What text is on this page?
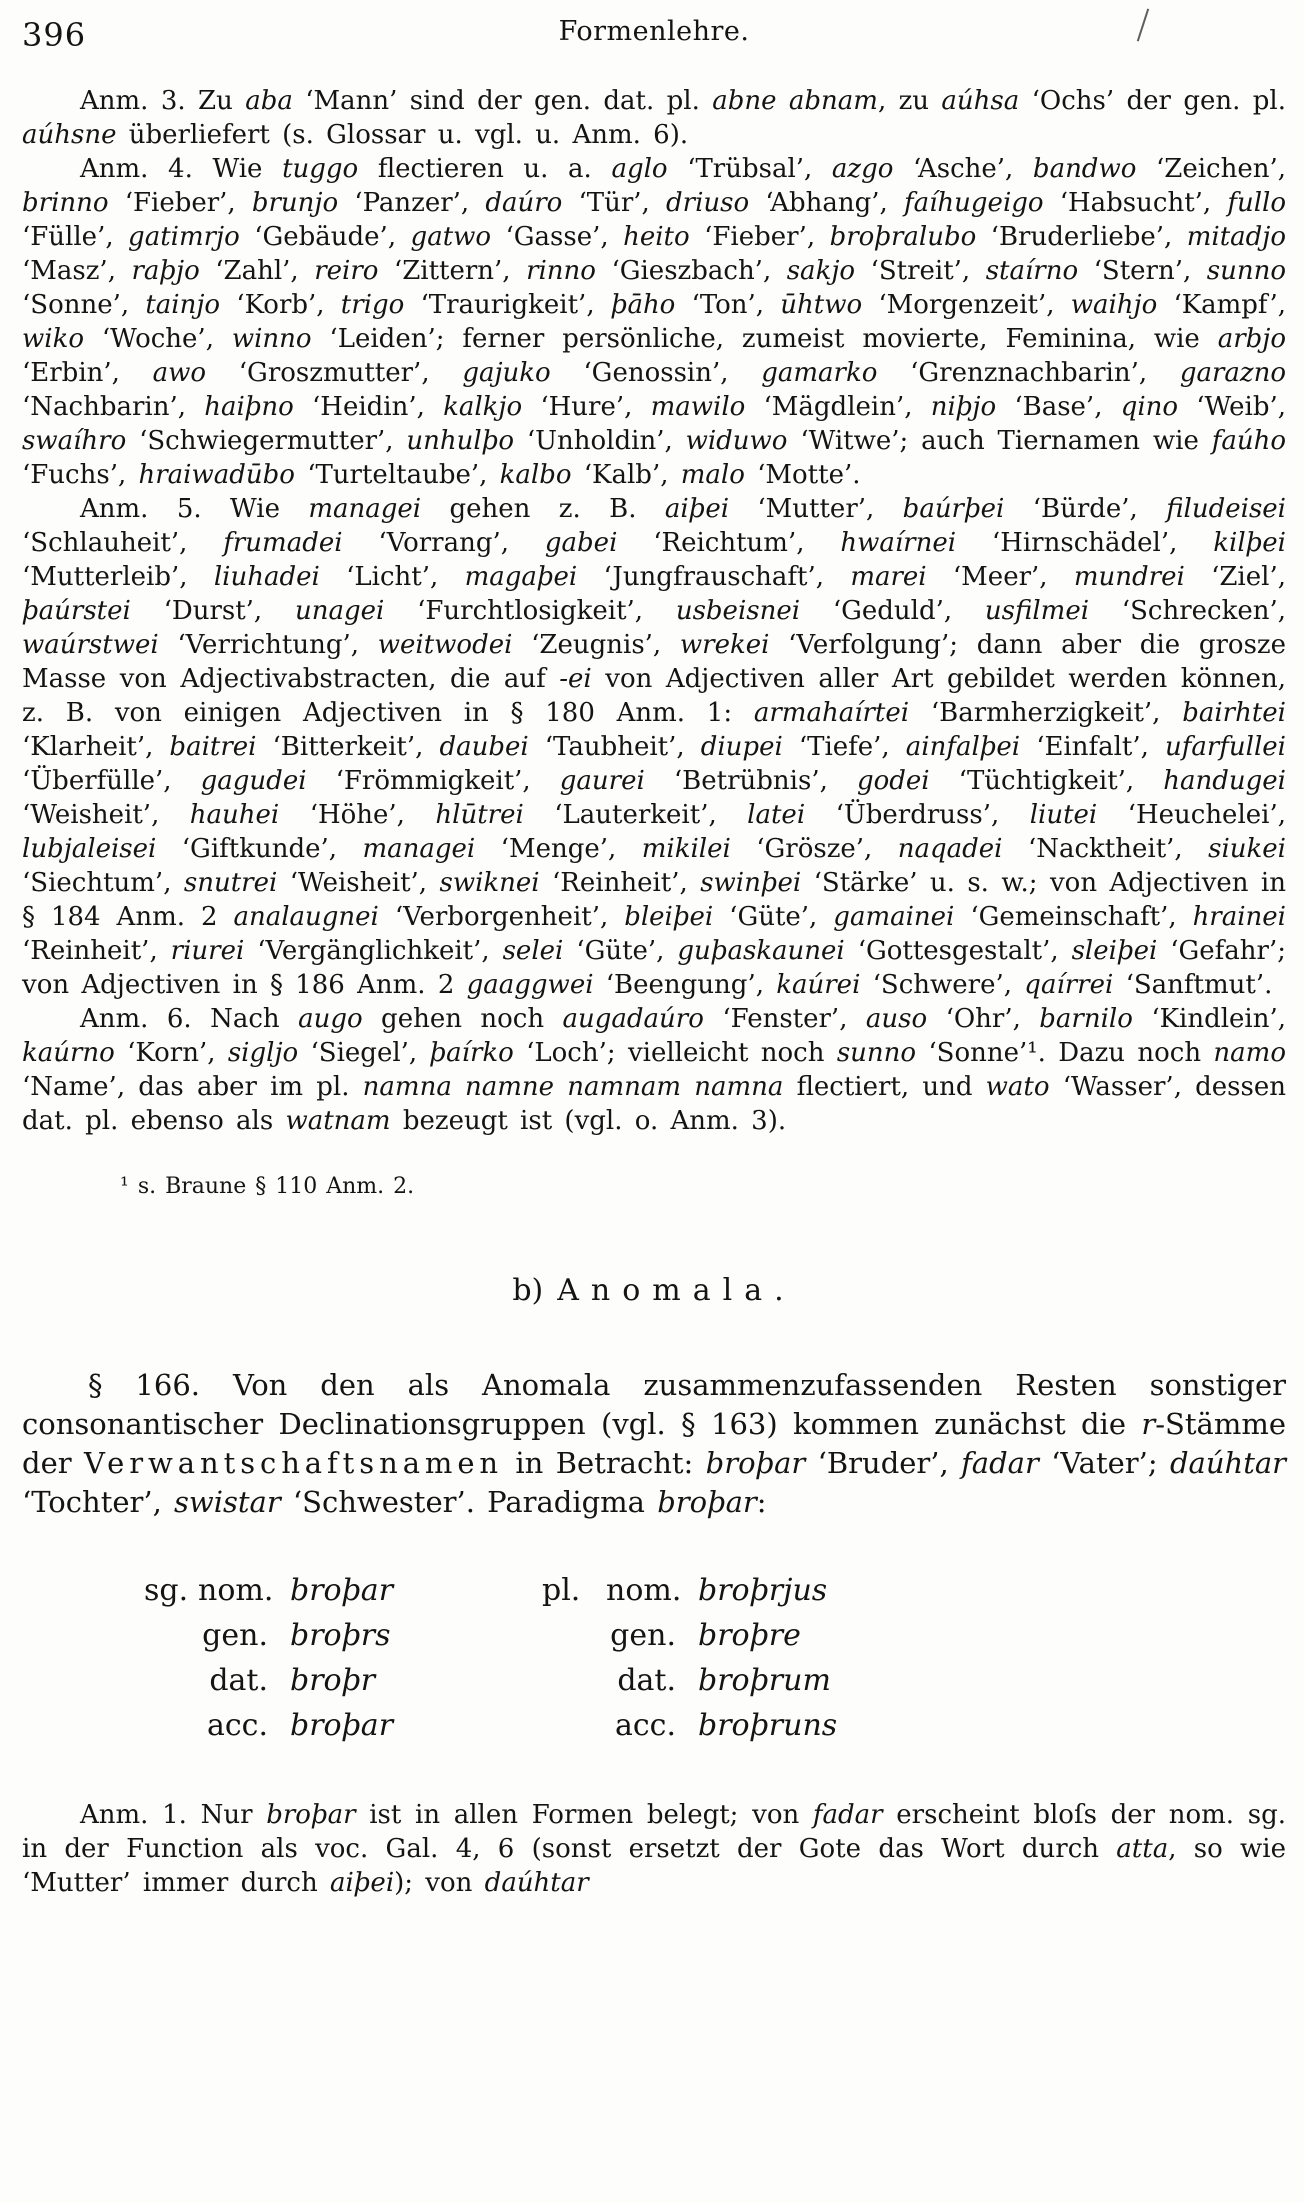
396	Formenlehre.

Anm. 3. Zu aba ‘Mann’ sind der gen. dat. pl. abne abnam, zu aúhsa ‘Ochs’ der gen. pl. aúhsne überliefert (s. Glossar u. vgl. u. Anm. 6).

Anm. 4. Wie tuggo flectieren u. a. aglo ‘Trübsal’, azgo ‘Asche’, bandwo ‘Zeichen’, brinno ‘Fieber’, brunjo ‘Panzer’, daúro ‘Tür’, driuso ‘Abhang’, faíhugeigo ‘Habsucht’, fullo ‘Fülle’, gatimrjo ‘Gebäude’, gatwo ‘Gasse’, heito ‘Fieber’, broþralubo ‘Bruderliebe’, mitadjo ‘Masz’, raþjo ‘Zahl’, reiro ‘Zittern’, rinno ‘Gieszbach’, sakjo ‘Streit’, staírno ‘Stern’, sunno ‘Sonne’, tainjo ‘Korb’, trigo ‘Traurigkeit’, þāho ‘Ton’, ūhtwo ‘Morgenzeit’, waihjo ‘Kampf’, wiko ‘Woche’, winno ‘Leiden’; ferner persönliche, zumeist movierte, Feminina, wie arbjo ‘Erbin’, awo ‘Groszmutter’, gajuko ‘Genossin’, gamarko ‘Grenznachbarin’, garazno ‘Nachbarin’, haiþno ‘Heidin’, kalkjo ‘Hure’, mawilo ‘Mägdlein’, niþjo ‘Base’, qino ‘Weib’, swaíhro ‘Schwiegermutter’, unhulþo ‘Unholdin’, widuwo ‘Witwe’; auch Tiernamen wie faúho ‘Fuchs’, hraiwadūbo ‘Turteltaube’, kalbo ‘Kalb’, malo ‘Motte’.

Anm. 5. Wie managei gehen z. B. aiþei ‘Mutter’, baúrþei ‘Bürde’, filudeisei ‘Schlauheit’, frumadei ‘Vorrang’, gabei ‘Reichtum’, hwaírnei ‘Hirnschädel’, kilþei ‘Mutterleib’, liuhadei ‘Licht’, magaþei ‘Jungfrauschaft’, marei ‘Meer’, mundrei ‘Ziel’, þaúrstei ‘Durst’, unagei ‘Furchtlosigkeit’, usbeisnei ‘Geduld’, usfilmei ‘Schrecken’, waúrstwei ‘Verrichtung’, weitwodei ‘Zeugnis’, wrekei ‘Verfolgung’; dann aber die grosze Masse von Adjectivabstracten, die auf -ei von Adjectiven aller Art gebildet werden können, z. B. von einigen Adjectiven in § 180 Anm. 1: armahaírtei ‘Barmherzigkeit’, bairhtei ‘Klarheit’, baitrei ‘Bitterkeit’, daubei ‘Taubheit’, diupei ‘Tiefe’, ainfalþei ‘Einfalt’, ufarfullei ‘Überfülle’, gagudei ‘Frömmigkeit’, gaurei ‘Betrübnis’, godei ‘Tüchtigkeit’, handugei ‘Weisheit’, hauhei ‘Höhe’, hlūtrei ‘Lauterkeit’, latei ‘Überdruss’, liutei ‘Heuchelei’, lubjaleisei ‘Giftkunde’, managei ‘Menge’, mikilei ‘Grösze’, naqadei ‘Nacktheit’, siukei ‘Siechtum’, snutrei ‘Weisheit’, swiknei ‘Reinheit’, swinþei ‘Stärke’ u. s. w.; von Adjectiven in § 184 Anm. 2 analaugnei ‘Verborgenheit’, bleiþei ‘Güte’, gamainei ‘Gemeinschaft’, hrainei ‘Reinheit’, riurei ‘Vergänglichkeit’, selei ‘Güte’, guþaskaunei ‘Gottesgestalt’, sleiþei ‘Gefahr’; von Adjectiven in § 186 Anm. 2 gaaggwei ‘Beengung’, kaúrei ‘Schwere’, qaírrei ‘Sanftmut’.

Anm. 6. Nach augo gehen noch augadaúro ‘Fenster’, auso ‘Ohr’, barnilo ‘Kindlein’, kaúrno ‘Korn’, sigljo ‘Siegel’, þaírko ‘Loch’; vielleicht noch sunno ‘Sonne’¹. Dazu noch namo ‘Name’, das aber im pl. namna namne namnam namna flectiert, und wato ‘Wasser’, dessen dat. pl. ebenso als watnam bezeugt ist (vgl. o. Anm. 3).

¹ s. Braune § 110 Anm. 2.

b) Anomala.

§ 166. Von den als Anomala zusammenzufassenden Resten sonstiger consonantischer Declinationsgruppen (vgl. § 163) kommen zunächst die r-Stämme der Verwantschaftsnamen in Betracht: broþar ‘Bruder’, fadar ‘Vater’; daúhtar ‘Tochter’, swistar ‘Schwester’. Paradigma broþar:

sg. nom. broþar	pl. nom. broþrjus
gen. broþrs	gen. broþre
dat. broþr	dat. broþrum
acc. broþar	acc. broþruns

Anm. 1. Nur broþar ist in allen Formen belegt; von fadar erscheint bloſs der nom. sg. in der Function als voc. Gal. 4, 6 (sonst ersetzt der Gote das Wort durch atta, so wie ‘Mutter’ immer durch aiþei); von daúhtar
